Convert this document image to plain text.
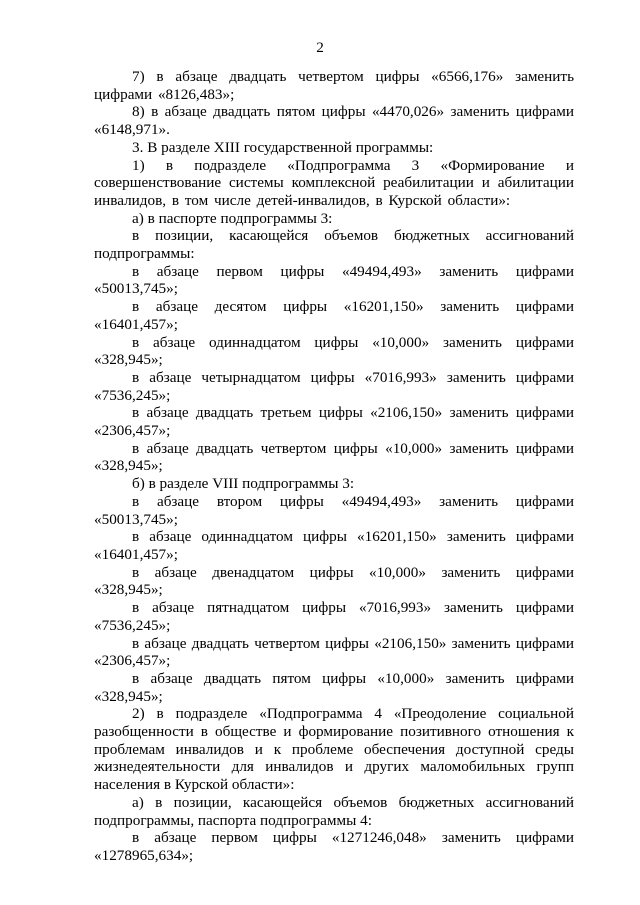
2

7) в абзаце двадцать четвертом цифры «6566,176» заменить цифрами «8126,483»;

8) в абзаце двадцать пятом цифры «4470,026» заменить цифрами «6148,971».

3. В разделе XIII государственной программы:

1) в подразделе «Подпрограмма 3 «Формирование и совершенствование системы комплексной реабилитации и абилитации инвалидов, в том числе детей-инвалидов, в Курской области»:

а) в паспорте подпрограммы 3:

в позиции, касающейся объемов бюджетных ассигнований подпрограммы:

в абзаце первом цифры «49494,493» заменить цифрами «50013,745»;

в абзаце десятом цифры «16201,150» заменить цифрами «16401,457»;

в абзаце одиннадцатом цифры «10,000» заменить цифрами «328,945»;

в абзаце четырнадцатом цифры «7016,993» заменить цифрами «7536,245»;

в абзаце двадцать третьем цифры «2106,150» заменить цифрами «2306,457»;

в абзаце двадцать четвертом цифры «10,000» заменить цифрами «328,945»;

б) в разделе VIII подпрограммы 3:

в абзаце втором цифры «49494,493» заменить цифрами «50013,745»;

в абзаце одиннадцатом цифры «16201,150» заменить цифрами «16401,457»;

в абзаце двенадцатом цифры «10,000» заменить цифрами «328,945»;

в абзаце пятнадцатом цифры «7016,993» заменить цифрами «7536,245»;

в абзаце двадцать четвертом цифры «2106,150» заменить цифрами «2306,457»;

в абзаце двадцать пятом цифры «10,000» заменить цифрами «328,945»;

2) в подразделе «Подпрограмма 4 «Преодоление социальной разобщенности в обществе и формирование позитивного отношения к проблемам инвалидов и к проблеме обеспечения доступной среды жизнедеятельности для инвалидов и других маломобильных групп населения в Курской области»:

а) в позиции, касающейся объемов бюджетных ассигнований подпрограммы, паспорта подпрограммы 4:

в абзаце первом цифры «1271246,048» заменить цифрами «1278965,634»;
